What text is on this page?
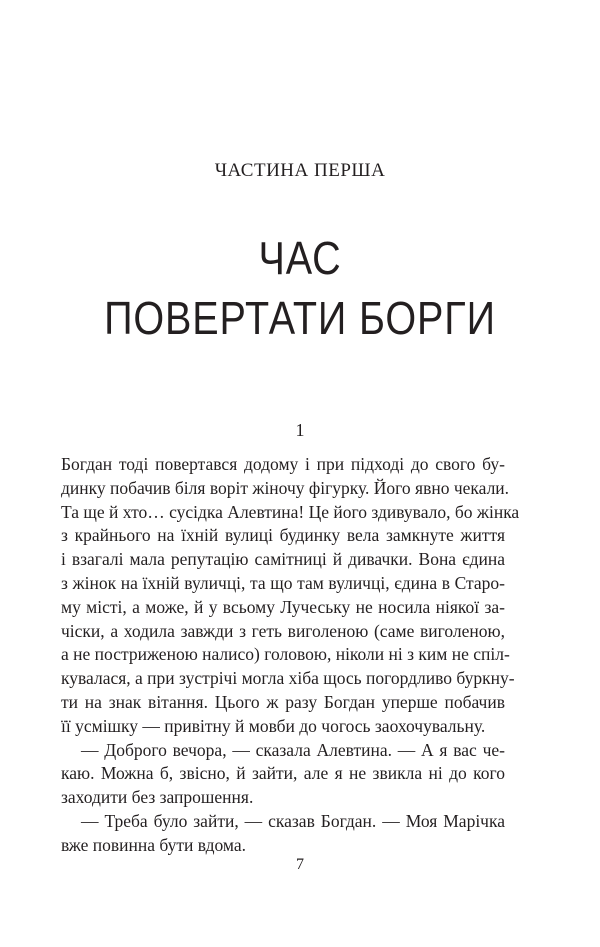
ЧАСТИНА ПЕРША
ЧАС
ПОВЕРТАТИ БОРГИ

1

Богдан тоді повертався додому і при підході до свого бу-
динку побачив біля воріт жіночу фігурку. Його явно чекали.
Та ще й хто… сусідка Алевтина! Це його здивувало, бо жінка
з крайнього на їхній вулиці будинку вела замкнуте життя
і взагалі мала репутацію самітниці й дивачки. Вона єдина
з жінок на їхній вуличці, та що там вуличці, єдина в Старо-
му місті, а може, й у всьому Лучеську не носила ніякої за-
чіски, а ходила завжди з геть виголеною (саме виголеною,
а не постриженою налисо) головою, ніколи ні з ким не спіл-
кувалася, а при зустрічі могла хіба щось погордливо буркну-
ти на знак вітання. Цього ж разу Богдан уперше побачив
її усмішку — привітну й мовби до чогось заохочувальну.
— Доброго вечора, — сказала Алевтина. — А я вас че-
каю. Можна б, звісно, й зайти, але я не звикла ні до кого
заходити без запрошення.
— Треба було зайти, — сказав Богдан. — Моя Марічка
вже повинна бути вдома.

7
